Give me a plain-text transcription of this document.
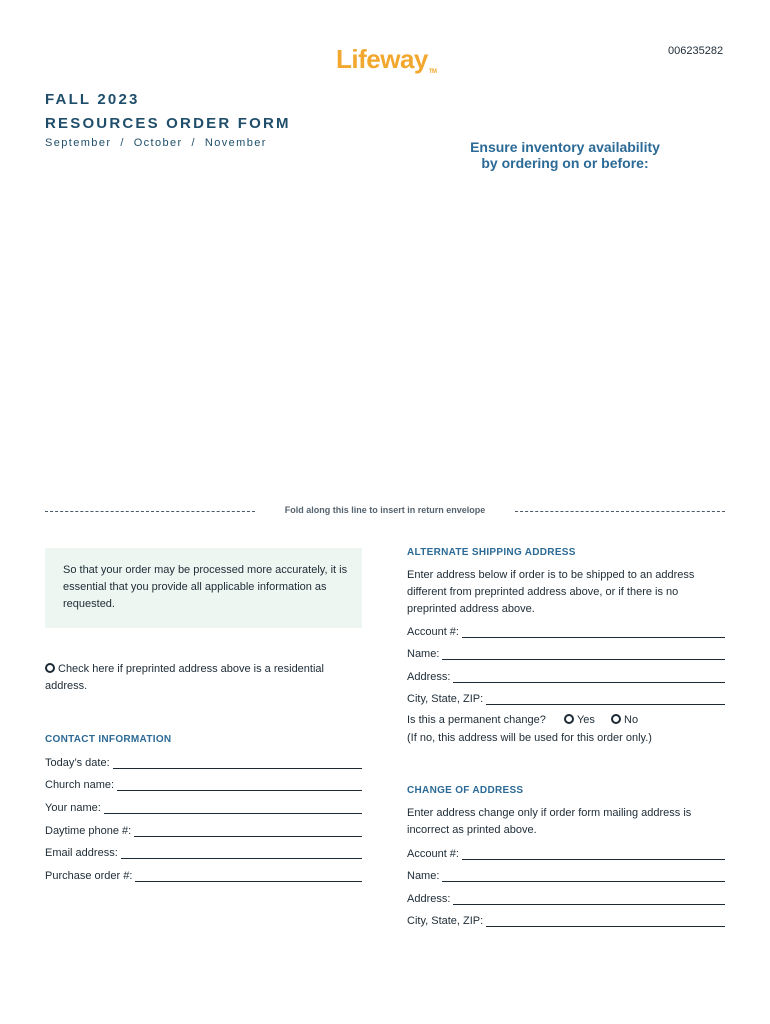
LifewayTM
006235282
FALL 2023
RESOURCES ORDER FORM
September  /  October  /  November	Ensure inventory availability
by ordering on or before:
Fold along this line to insert in return envelope
So that your order may be processed more accurately, it is essential that you provide all applicable information as requested.
Check here if preprinted address above is a residential address.
CONTACT INFORMATION
Today’s date:
Church name:
Your name:
Daytime phone #:
Email address:
Purchase order #:
ALTERNATE SHIPPING ADDRESS
Enter address below if order is to be shipped to an address different from preprinted address above, or if there is no preprinted address above.
Account #:
Name:
Address:
City, State, ZIP:
Is this a permanent change?	Yes	No
(If no, this address will be used for this order only.)
CHANGE OF ADDRESS
Enter address change only if order form mailing address is incorrect as printed above.
Account #:
Name:
Address:
City, State, ZIP:
